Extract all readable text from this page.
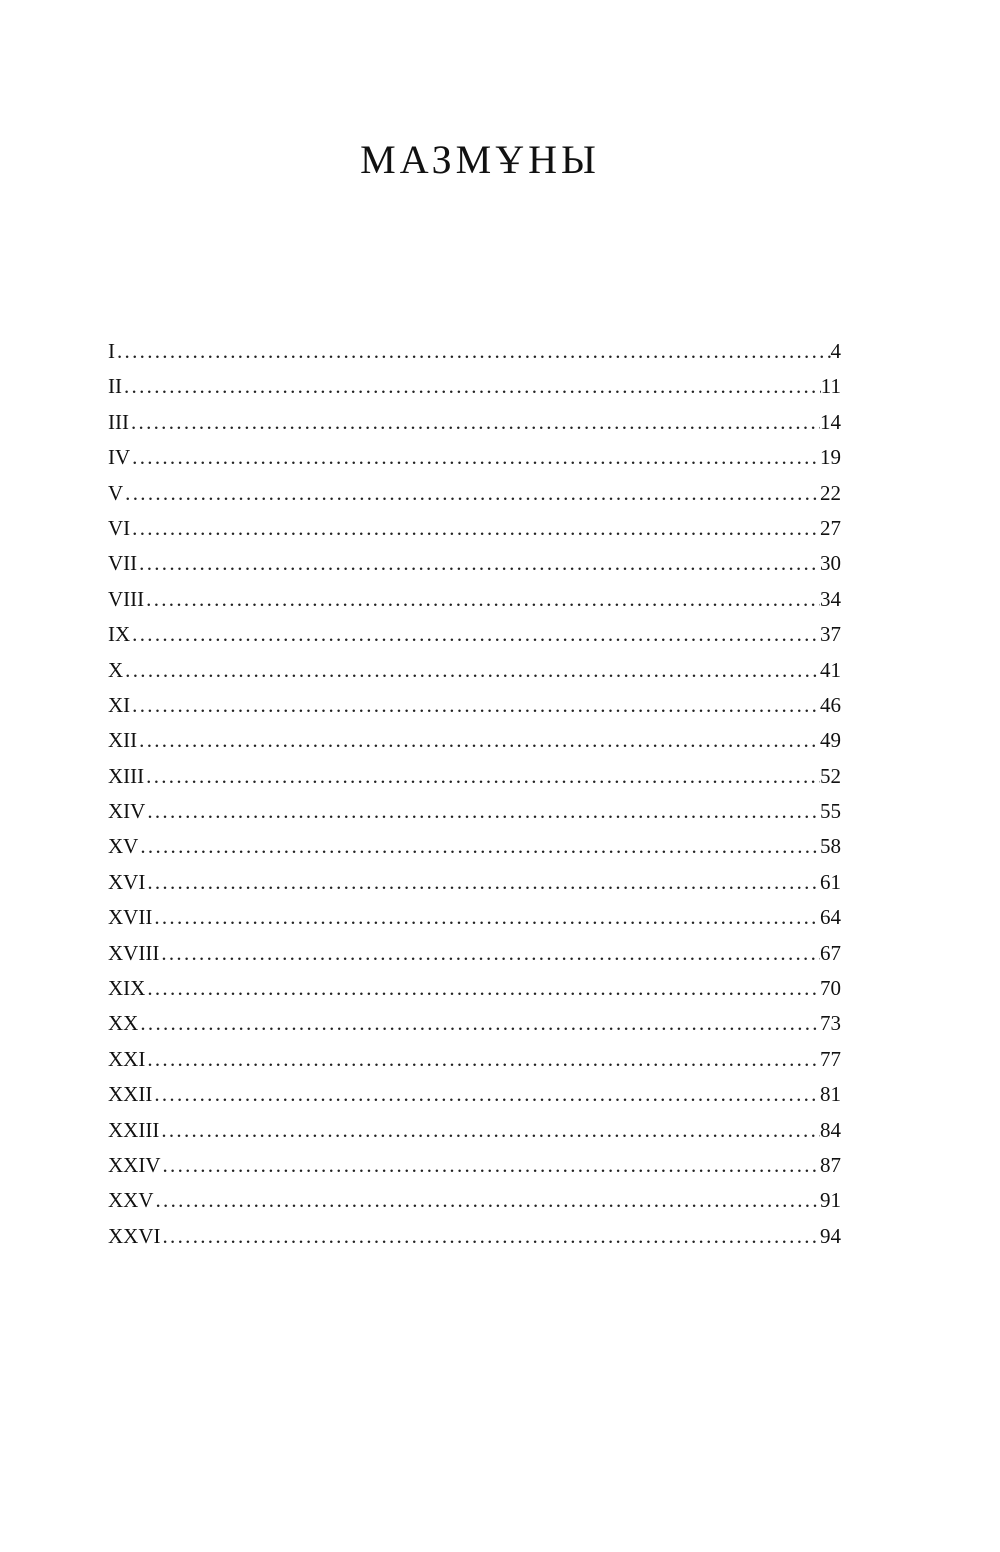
МАЗМҰНЫ
I .....	4
II .....	11
III .....	14
IV .....	19
V .....	22
VI .....	27
VII .....	30
VIII .....	34
IX .....	37
X .....	41
XI .....	46
XII .....	49
XIII .....	52
XIV .....	55
XV .....	58
XVI .....	61
XVII .....	64
XVIII .....	67
XIX .....	70
XX .....	73
XXI .....	77
XXII .....	81
XXIII .....	84
XXIV .....	87
XXV .....	91
XXVI .....	94
